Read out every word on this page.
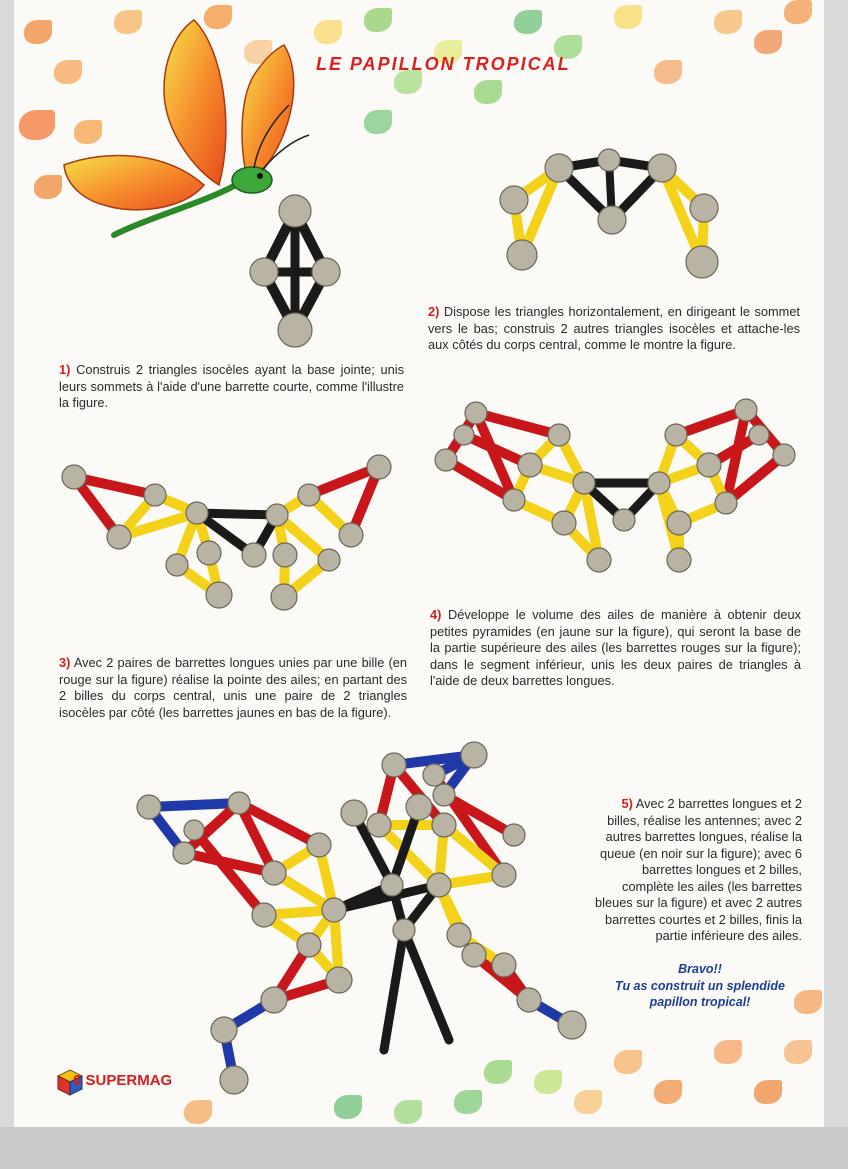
LE PAPILLON TROPICAL
1) Construis 2 triangles isocèles ayant la base jointe; unis leurs sommets à l'aide d'une barrette courte, comme l'illustre la figure.
2) Dispose les triangles horizontalement, en dirigeant le sommet vers le bas; construis 2 autres triangles isocèles et attache-les aux côtés du corps central, comme le montre la figure.
3) Avec 2 paires de barrettes longues unies par une bille (en rouge sur la figure) réalise la pointe des ailes; en partant des 2 billes du corps central, unis une paire de 2 triangles isocèles par côté (les barrettes jaunes en bas de la figure).
4) Développe le volume des ailes de manière à obtenir deux petites pyramides (en jaune sur la figure), qui seront la base de la partie supérieure des ailes (les barrettes rouges sur la figure); dans le segment inférieur, unis les deux paires de triangles à l'aide de deux barrettes longues.
5) Avec 2 barrettes longues et 2 billes, réalise les antennes; avec 2 autres barrettes longues, réalise la queue (en noir sur la figure); avec 6 barrettes longues et 2 billes, complète les ailes (les barrettes bleues sur la figure) et avec 2 autres barrettes courtes et 2 billes, finis la partie inférieure des ailes.
Bravo!!
Tu as construit un splendide
papillon tropical!
6 SUPERMAG
